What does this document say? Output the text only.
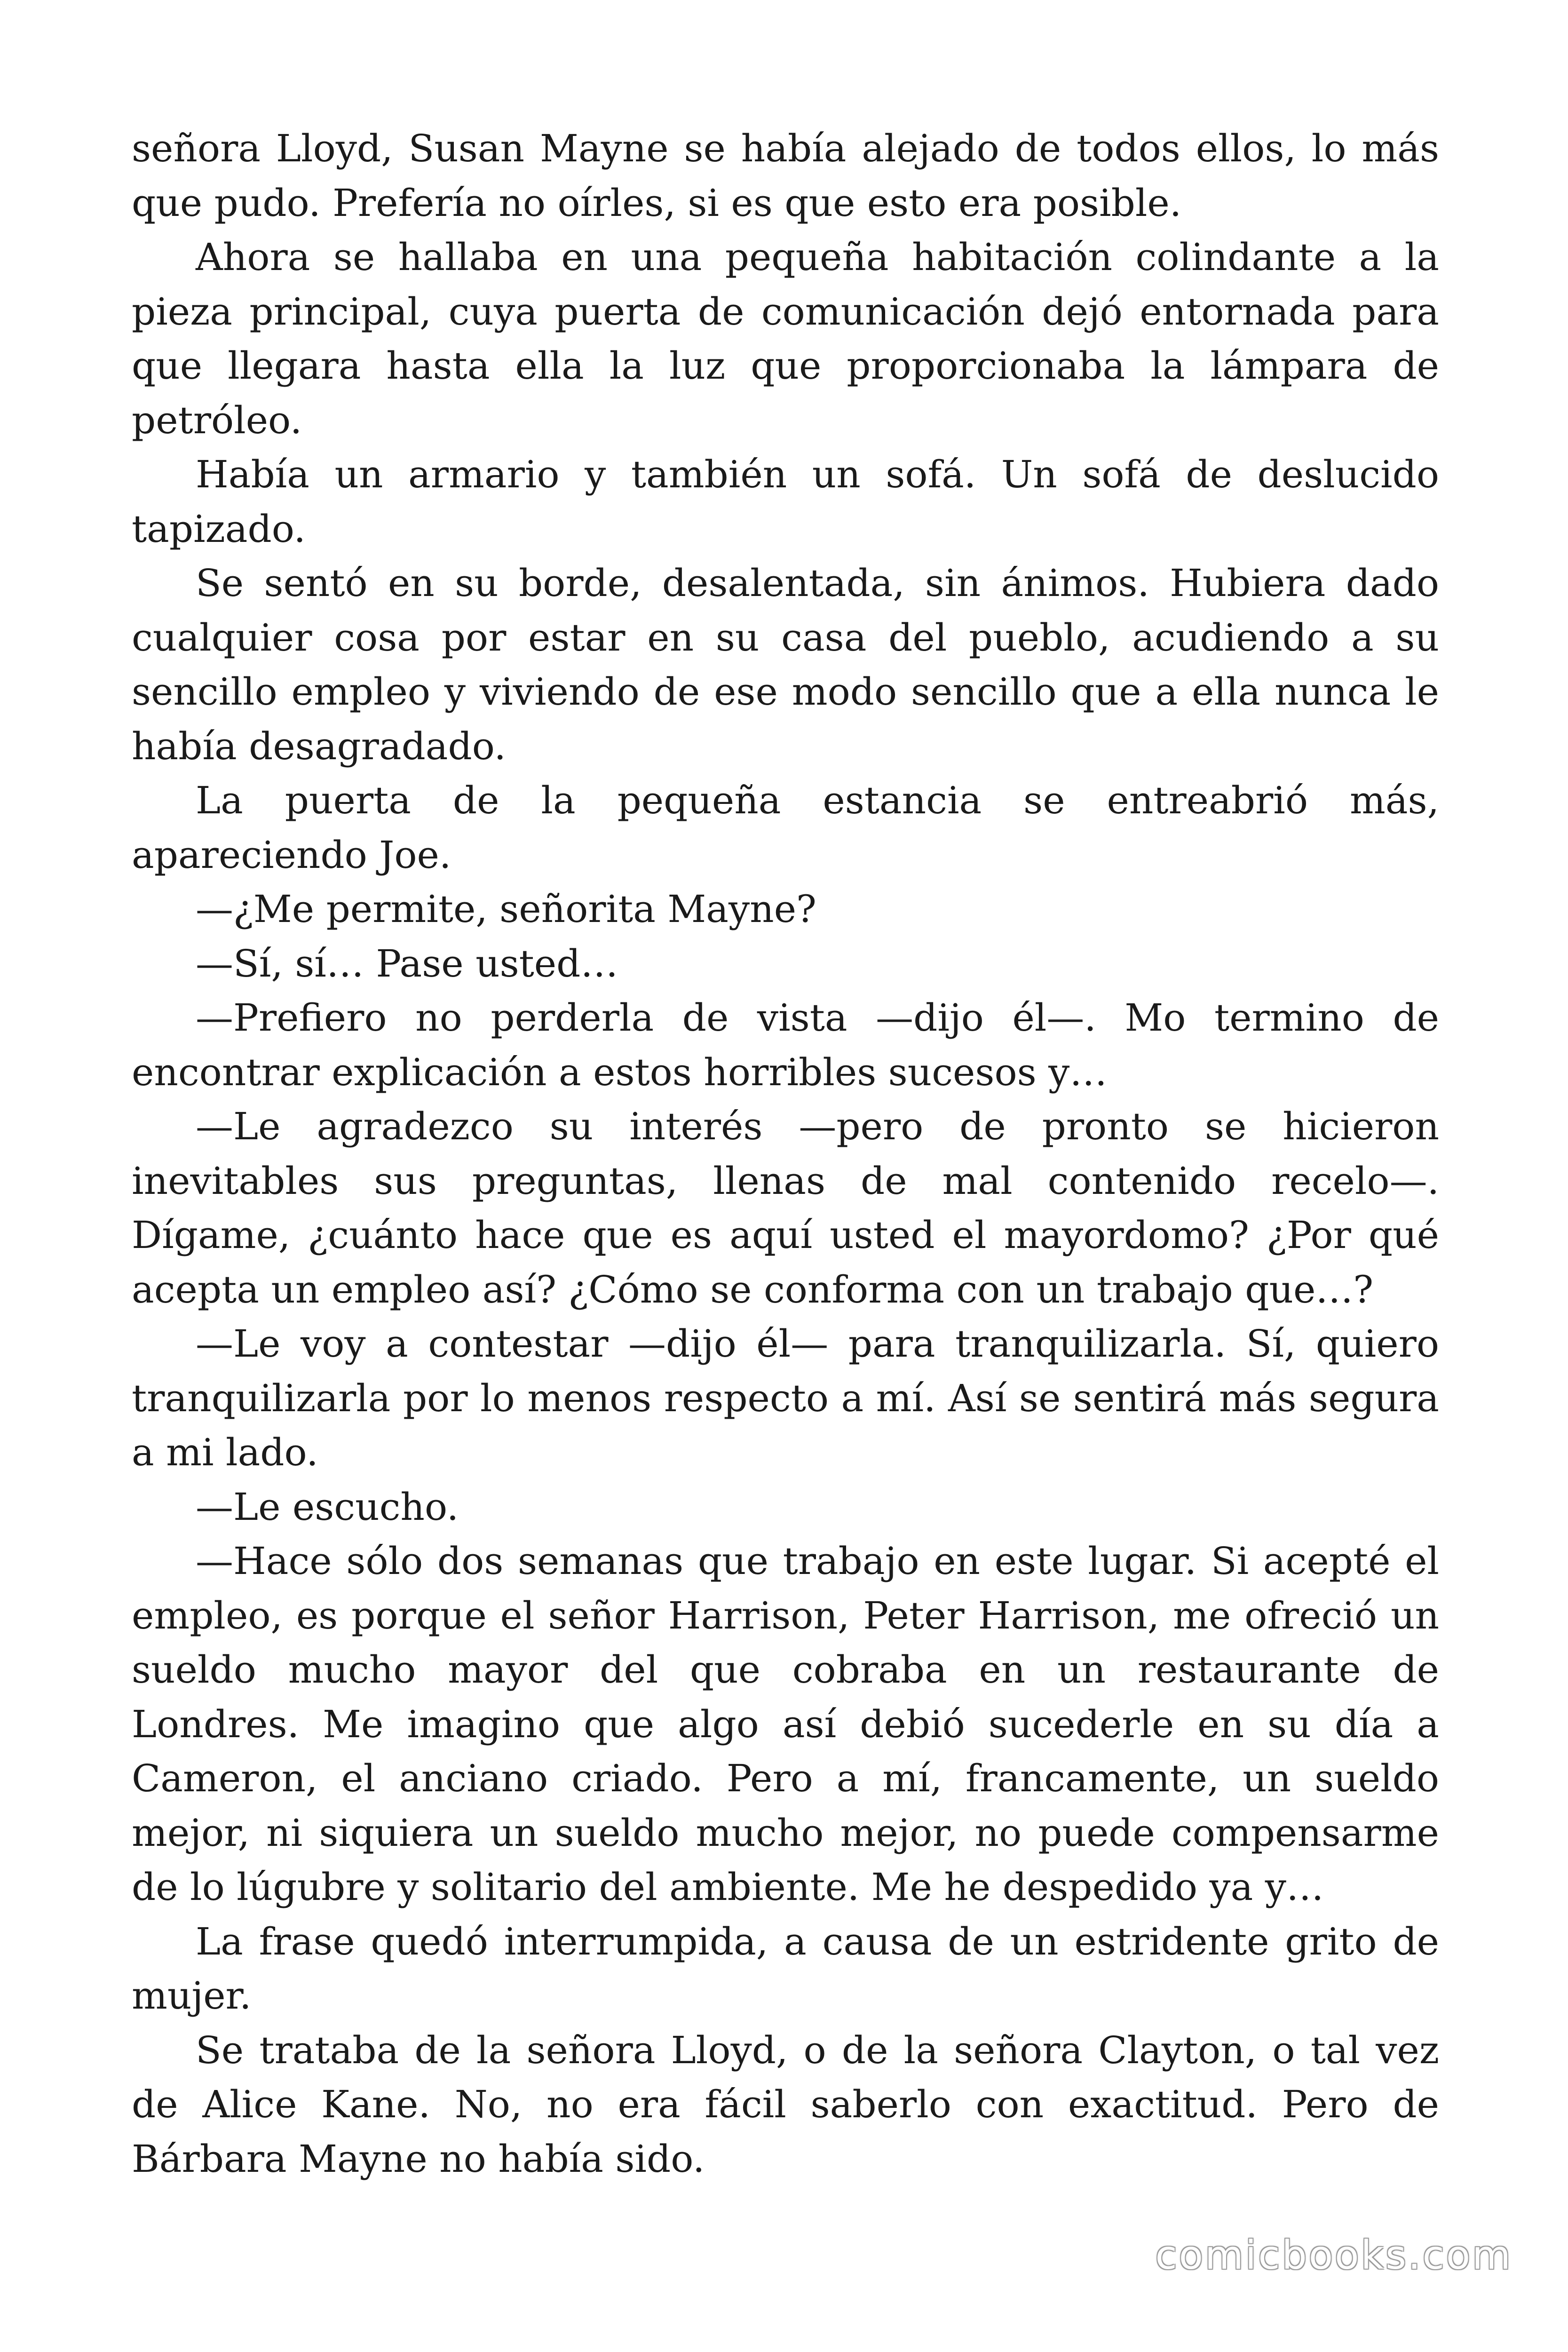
señora Lloyd, Susan Mayne se había alejado de todos ellos, lo más que pudo. Prefería no oírles, si es que esto era posible.

Ahora se hallaba en una pequeña habitación colindante a la pieza principal, cuya puerta de comunicación dejó entornada para que llegara hasta ella la luz que proporcionaba la lámpara de petróleo.

Había un armario y también un sofá. Un sofá de deslucido tapizado.

Se sentó en su borde, desalentada, sin ánimos. Hubiera dado cualquier cosa por estar en su casa del pueblo, acudiendo a su sencillo empleo y viviendo de ese modo sencillo que a ella nunca le había desagradado.

La puerta de la pequeña estancia se entreabrió más, apareciendo Joe.

—¿Me permite, señorita Mayne?

—Sí, sí… Pase usted…

—Prefiero no perderla de vista —dijo él—. Mo termino de encontrar explicación a estos horribles sucesos y…

—Le agradezco su interés —pero de pronto se hicieron inevitables sus preguntas, llenas de mal contenido recelo—. Dígame, ¿cuánto hace que es aquí usted el mayordomo? ¿Por qué acepta un empleo así? ¿Cómo se conforma con un trabajo que…?

—Le voy a contestar —dijo él— para tranquilizarla. Sí, quiero tranquilizarla por lo menos respecto a mí. Así se sentirá más segura a mi lado.

—Le escucho.

—Hace sólo dos semanas que trabajo en este lugar. Si acepté el empleo, es porque el señor Harrison, Peter Harrison, me ofreció un sueldo mucho mayor del que cobraba en un restaurante de Londres. Me imagino que algo así debió sucederle en su día a Cameron, el anciano criado. Pero a mí, francamente, un sueldo mejor, ni siquiera un sueldo mucho mejor, no puede compensarme de lo lúgubre y solitario del ambiente. Me he despedido ya y…

La frase quedó interrumpida, a causa de un estridente grito de mujer.

Se trataba de la señora Lloyd, o de la señora Clayton, o tal vez de Alice Kane. No, no era fácil saberlo con exactitud. Pero de Bárbara Mayne no había sido.

comicbooks.com
